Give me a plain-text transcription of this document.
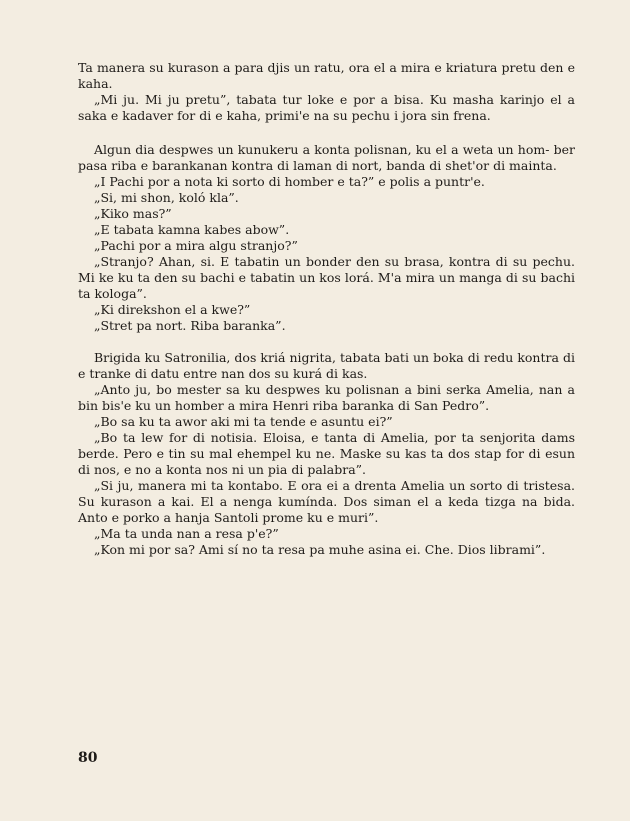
Ta manera su kurason a para djis un ratu, ora el a mira e kriatura pretu den e kaha.

„Mi ju. Mi ju pretu”, tabata tur loke e por a bisa. Ku masha karinjo el a saka e kadaver for di e kaha, primi'e na su pechu i jora sin frena.

Algun dia despwes un kunukeru a konta polisnan, ku el a weta un hom- ber pasa riba e barankanan kontra di laman di nort, banda di shet'or di mainta.

„I Pachi por a nota ki sorto di homber e ta?” e polis a puntr'e.

„Si, mi shon, koló kla”.

„Kiko mas?”

„E tabata kamna kabes abow”.

„Pachi por a mira algu stranjo?”

„Stranjo? Ahan, si. E tabatin un bonder den su brasa, kontra di su pechu. Mi ke ku ta den su bachi e tabatin un kos lorá. M'a mira un manga di su bachi ta kologa”.

„Ki direkshon el a kwe?”

„Stret pa nort. Riba baranka”.

Brigida ku Satronilia, dos kriá nigrita, tabata bati un boka di redu kontra di e tranke di datu entre nan dos su kurá di kas.

„Anto ju, bo mester sa ku despwes ku polisnan a bini serka Amelia, nan a bin bis'e ku un homber a mira Henri riba baranka di San Pedro”.

„Bo sa ku ta awor aki mi ta tende e asuntu ei?”

„Bo ta lew for di notisia. Eloisa, e tanta di Amelia, por ta senjorita dams berde. Pero e tin su mal ehempel ku ne. Maske su kas ta dos stap for di esun di nos, e no a konta nos ni un pia di palabra”.

„Si ju, manera mi ta kontabo. E ora ei a drenta Amelia un sorto di tristesa. Su kurason a kai. El a nenga kumínda. Dos siman el a keda tizga na bida. Anto e porko a hanja Santoli prome ku e muri”.

„Ma ta unda nan a resa p'e?”

„Kon mi por sa? Ami sí no ta resa pa muhe asina ei. Che. Dios librami”.

80
